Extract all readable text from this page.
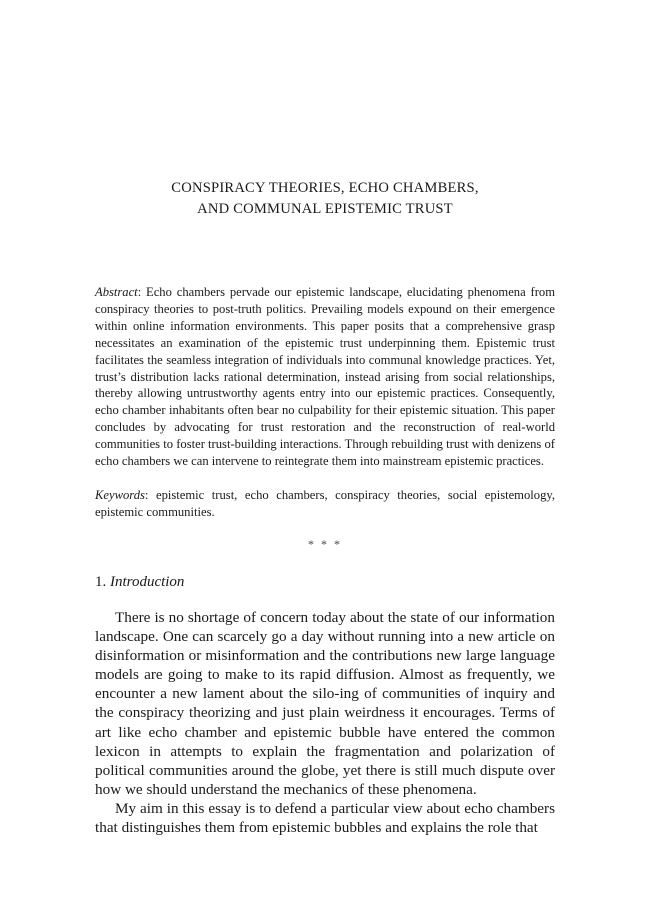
CONSPIRACY THEORIES, ECHO CHAMBERS,
AND COMMUNAL EPISTEMIC TRUST

Abstract: Echo chambers pervade our epistemic landscape, elucidating phenomena from conspiracy theories to post-truth politics. Prevailing models expound on their emergence within online information environments. This paper posits that a comprehensive grasp necessitates an examination of the epistemic trust underpinning them. Epistemic trust facilitates the seamless integration of individuals into communal knowledge practices. Yet, trust’s distribution lacks rational determination, instead arising from social relationships, thereby allowing untrustworthy agents entry into our epistemic practices. Consequently, echo chamber inhabitants often bear no culpability for their epistemic situation. This paper concludes by advocating for trust restoration and the reconstruction of real-world communities to foster trust-building interactions. Through rebuilding trust with denizens of echo chambers we can intervene to reintegrate them into mainstream epistemic practices.

Keywords: epistemic trust, echo chambers, conspiracy theories, social epistemology, epistemic communities.

* * *
1. Introduction

There is no shortage of concern today about the state of our information landscape. One can scarcely go a day without running into a new article on disinformation or misinformation and the contributions new large language models are going to make to its rapid diffusion. Almost as frequently, we encounter a new lament about the silo-ing of communities of inquiry and the conspiracy theorizing and just plain weirdness it encourages. Terms of art like echo chamber and epistemic bubble have entered the common lexicon in attempts to explain the fragmentation and polarization of political communities around the globe, yet there is still much dispute over how we should understand the mechanics of these phenomena.

My aim in this essay is to defend a particular view about echo chambers that distinguishes them from epistemic bubbles and explains the role that
